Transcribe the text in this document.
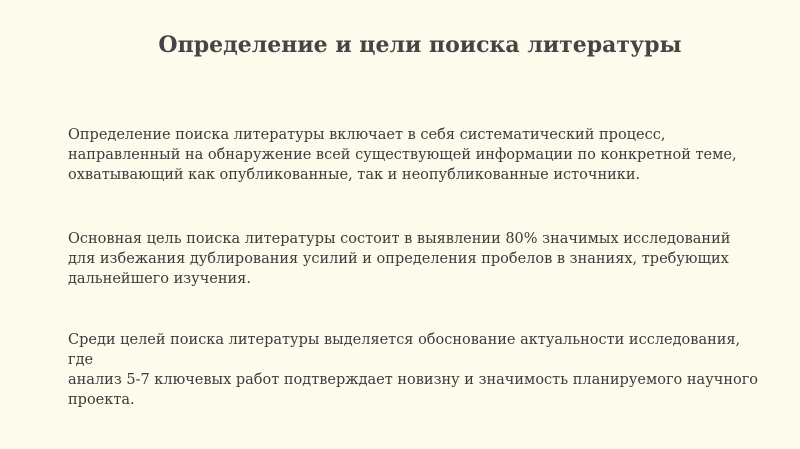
Определение и цели поиска литературы

Определение поиска литературы включает в себя систематический процесс,
направленный на обнаружение всей существующей информации по конкретной теме,
охватывающий как опубликованные, так и неопубликованные источники.

Основная цель поиска литературы состоит в выявлении 80% значимых исследований
для избежания дублирования усилий и определения пробелов в знаниях, требующих
дальнейшего изучения.

Среди целей поиска литературы выделяется обоснование актуальности исследования, где
анализ 5-7 ключевых работ подтверждает новизну и значимость планируемого научного
проекта.
